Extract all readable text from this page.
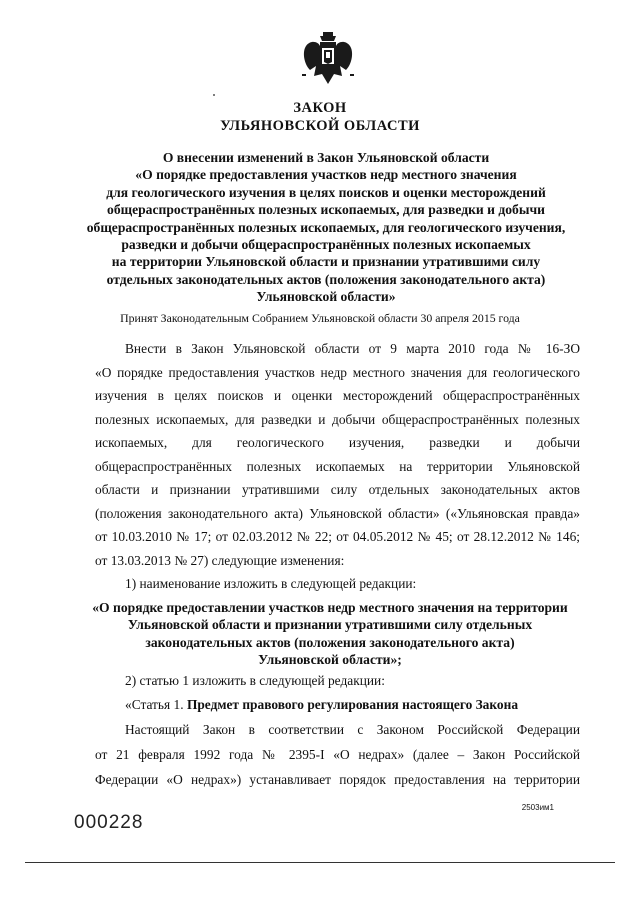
ЗАКОН
УЛЬЯНОВСКОЙ ОБЛАСТИ
О внесении изменений в Закон Ульяновской области
«О порядке предоставления участков недр местного значения
для геологического изучения в целях поисков и оценки месторождений
общераспространённых полезных ископаемых, для разведки и добычи
общераспространённых полезных ископаемых, для геологического изучения,
разведки и добычи общераспространённых полезных ископаемых
на территории Ульяновской области и признании утратившими силу
отдельных законодательных актов (положения законодательного акта)
Ульяновской области»
Принят Законодательным Собранием Ульяновской области 30 апреля 2015 года
Внести в Закон Ульяновской области от 9 марта 2010 года № 16-ЗО
«О порядке предоставления участков недр местного значения для геологического
изучения в целях поисков и оценки месторождений общераспространённых
полезных ископаемых, для разведки и добычи общераспространённых полезных
ископаемых, для геологического изучения, разведки и добычи
общераспространённых полезных ископаемых на территории Ульяновской
области и признании утратившими силу отдельных законодательных актов
(положения законодательного акта) Ульяновской области» («Ульяновская правда»
от 10.03.2010 № 17; от 02.03.2012 № 22; от 04.05.2012 № 45; от 28.12.2012 № 146;
от 13.03.2013 № 27) следующие изменения:
1) наименование изложить в следующей редакции:
«О порядке предоставлении участков недр местного значения на территории
Ульяновской области и признании утратившими силу отдельных
законодательных актов (положения законодательного акта)
Ульяновской области»;
2) статью 1 изложить в следующей редакции:
«Статья 1. Предмет правового регулирования настоящего Закона
Настоящий Закон в соответствии с Законом Российской Федерации
от 21 февраля 1992 года № 2395-I «О недрах» (далее – Закон Российской
Федерации «О недрах») устанавливает порядок предоставления на территории
2503им1
000228
